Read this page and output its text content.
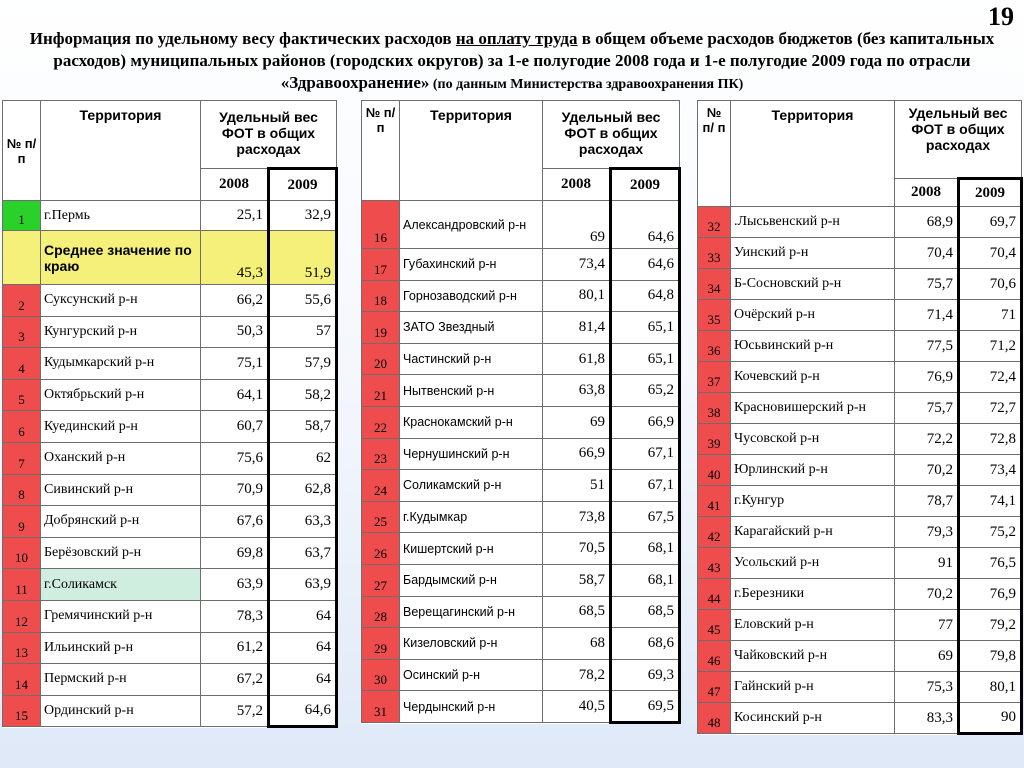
19
Информация по удельному весу фактических расходов на оплату труда в общем объеме расходов бюджетов (без капитальных расходов) муниципальных районов (городских округов) за 1-е полугодие 2008 года и 1-е полугодие 2009 года по отрасли «Здравоохранение» (по данным Министерства здравоохранения ПК)
№ п/ п	Территория	Удельный вес ФОТ в общих расходах	
		2008	2009
1	г.Пермь	25,1	32,9
	Среднее значение по краю	45,3	51,9
2	Суксунский р-н	66,2	55,6
3	Кунгурский р-н	50,3	57
4	Кудымкарский р-н	75,1	57,9
5	Октябрьский р-н	64,1	58,2
6	Куединский р-н	60,7	58,7
7	Оханский р-н	75,6	62
8	Сивинский р-н	70,9	62,8
9	Добрянский р-н	67,6	63,3
10	Берёзовский р-н	69,8	63,7
11	г.Соликамск	63,9	63,9
12	Гремячинский р-н	78,3	64
13	Ильинский р-н	61,2	64
14	Пермский р-н	67,2	64
15	Ординский р-н	57,2	64,6
№ п/ п	Территория	Удельный вес ФОТ в общих расходах	
		2008	2009
16	Александровский р-н	69	64,6
17	Губахинский р-н	73,4	64,6
18	Горнозаводский р-н	80,1	64,8
19	ЗАТО Звездный	81,4	65,1
20	Частинский р-н	61,8	65,1
21	Нытвенский р-н	63,8	65,2
22	Краснокамский р-н	69	66,9
23	Чернушинский р-н	66,9	67,1
24	Соликамский р-н	51	67,1
25	г.Кудымкар	73,8	67,5
26	Кишертский р-н	70,5	68,1
27	Бардымский р-н	58,7	68,1
28	Верещагинский р-н	68,5	68,5
29	Кизеловский р-н	68	68,6
30	Осинский р-н	78,2	69,3
31	Чердынский р-н	40,5	69,5
№ п/ п	Территория	Удельный вес ФОТ в общих расходах	
		2008	2009
32	.Лысьвенский р-н	68,9	69,7
33	Уинский р-н	70,4	70,4
34	Б-Сосновский р-н	75,7	70,6
35	Очёрский р-н	71,4	71
36	Юсьвинский р-н	77,5	71,2
37	Кочевский р-н	76,9	72,4
38	Красновишерский р-н	75,7	72,7
39	Чусовской р-н	72,2	72,8
40	Юрлинский р-н	70,2	73,4
41	г.Кунгур	78,7	74,1
42	Карагайский р-н	79,3	75,2
43	Усольский р-н	91	76,5
44	г.Березники	70,2	76,9
45	Еловский р-н	77	79,2
46	Чайковский р-н	69	79,8
47	Гайнский р-н	75,3	80,1
48	Косинский р-н	83,3	90
